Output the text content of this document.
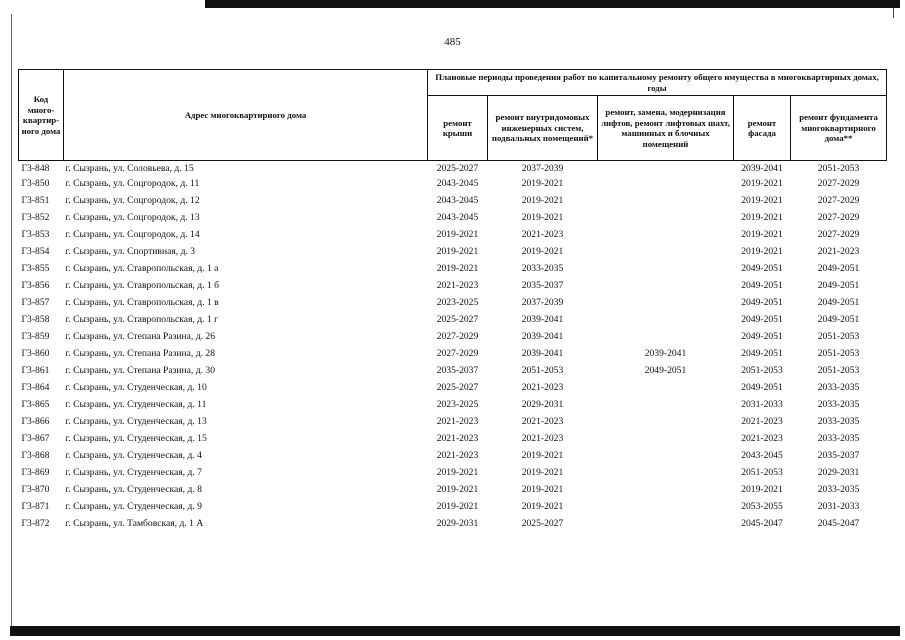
485
Код много-квартир-ного дома	Адрес многоквартирного дома	Плановые периоды проведения работ по капитальному ремонту общего имущества в многоквартирных домах, годы				
		ремонт крыши	ремонт внутридомовых инженерных систем, подвальных помещений*	ремонт, замена, модернизация лифтов, ремонт лифтовых шахт, машинных и блочных помещений	ремонт фасада	ремонт фундамента многоквартирного дома**
Г3-848	г. Сызрань, ул. Соловьева, д. 15	2025-2027	2037-2039		2039-2041	2051-2053
Г3-850	г. Сызрань, ул. Соцгородок, д. 11	2043-2045	2019-2021		2019-2021	2027-2029
Г3-851	г. Сызрань, ул. Соцгородок, д. 12	2043-2045	2019-2021		2019-2021	2027-2029
Г3-852	г. Сызрань, ул. Соцгородок, д. 13	2043-2045	2019-2021		2019-2021	2027-2029
Г3-853	г. Сызрань, ул. Соцгородок, д. 14	2019-2021	2021-2023		2019-2021	2027-2029
Г3-854	г. Сызрань, ул. Спортивная, д. 3	2019-2021	2019-2021		2019-2021	2021-2023
Г3-855	г. Сызрань, ул. Ставропольская, д. 1 а	2019-2021	2033-2035		2049-2051	2049-2051
Г3-856	г. Сызрань, ул. Ставропольская, д. 1 б	2021-2023	2035-2037		2049-2051	2049-2051
Г3-857	г. Сызрань, ул. Ставропольская, д. 1 в	2023-2025	2037-2039		2049-2051	2049-2051
Г3-858	г. Сызрань, ул. Ставропольская, д. 1 г	2025-2027	2039-2041		2049-2051	2049-2051
Г3-859	г. Сызрань, ул. Степана Разина, д. 26	2027-2029	2039-2041		2049-2051	2051-2053
Г3-860	г. Сызрань, ул. Степана Разина, д. 28	2027-2029	2039-2041	2039-2041	2049-2051	2051-2053
Г3-861	г. Сызрань, ул. Степана Разина, д. 30	2035-2037	2051-2053	2049-2051	2051-2053	2051-2053
Г3-864	г. Сызрань, ул. Студенческая, д. 10	2025-2027	2021-2023		2049-2051	2033-2035
Г3-865	г. Сызрань, ул. Студенческая, д. 11	2023-2025	2029-2031		2031-2033	2033-2035
Г3-866	г. Сызрань, ул. Студенческая, д. 13	2021-2023	2021-2023		2021-2023	2033-2035
Г3-867	г. Сызрань, ул. Студенческая, д. 15	2021-2023	2021-2023		2021-2023	2033-2035
Г3-868	г. Сызрань, ул. Студенческая, д. 4	2021-2023	2019-2021		2043-2045	2035-2037
Г3-869	г. Сызрань, ул. Студенческая, д. 7	2019-2021	2019-2021		2051-2053	2029-2031
Г3-870	г. Сызрань, ул. Студенческая, д. 8	2019-2021	2019-2021		2019-2021	2033-2035
Г3-871	г. Сызрань, ул. Студенческая, д. 9	2019-2021	2019-2021		2053-2055	2031-2033
Г3-872	г. Сызрань, ул. Тамбовская, д. 1 А	2029-2031	2025-2027		2045-2047	2045-2047
